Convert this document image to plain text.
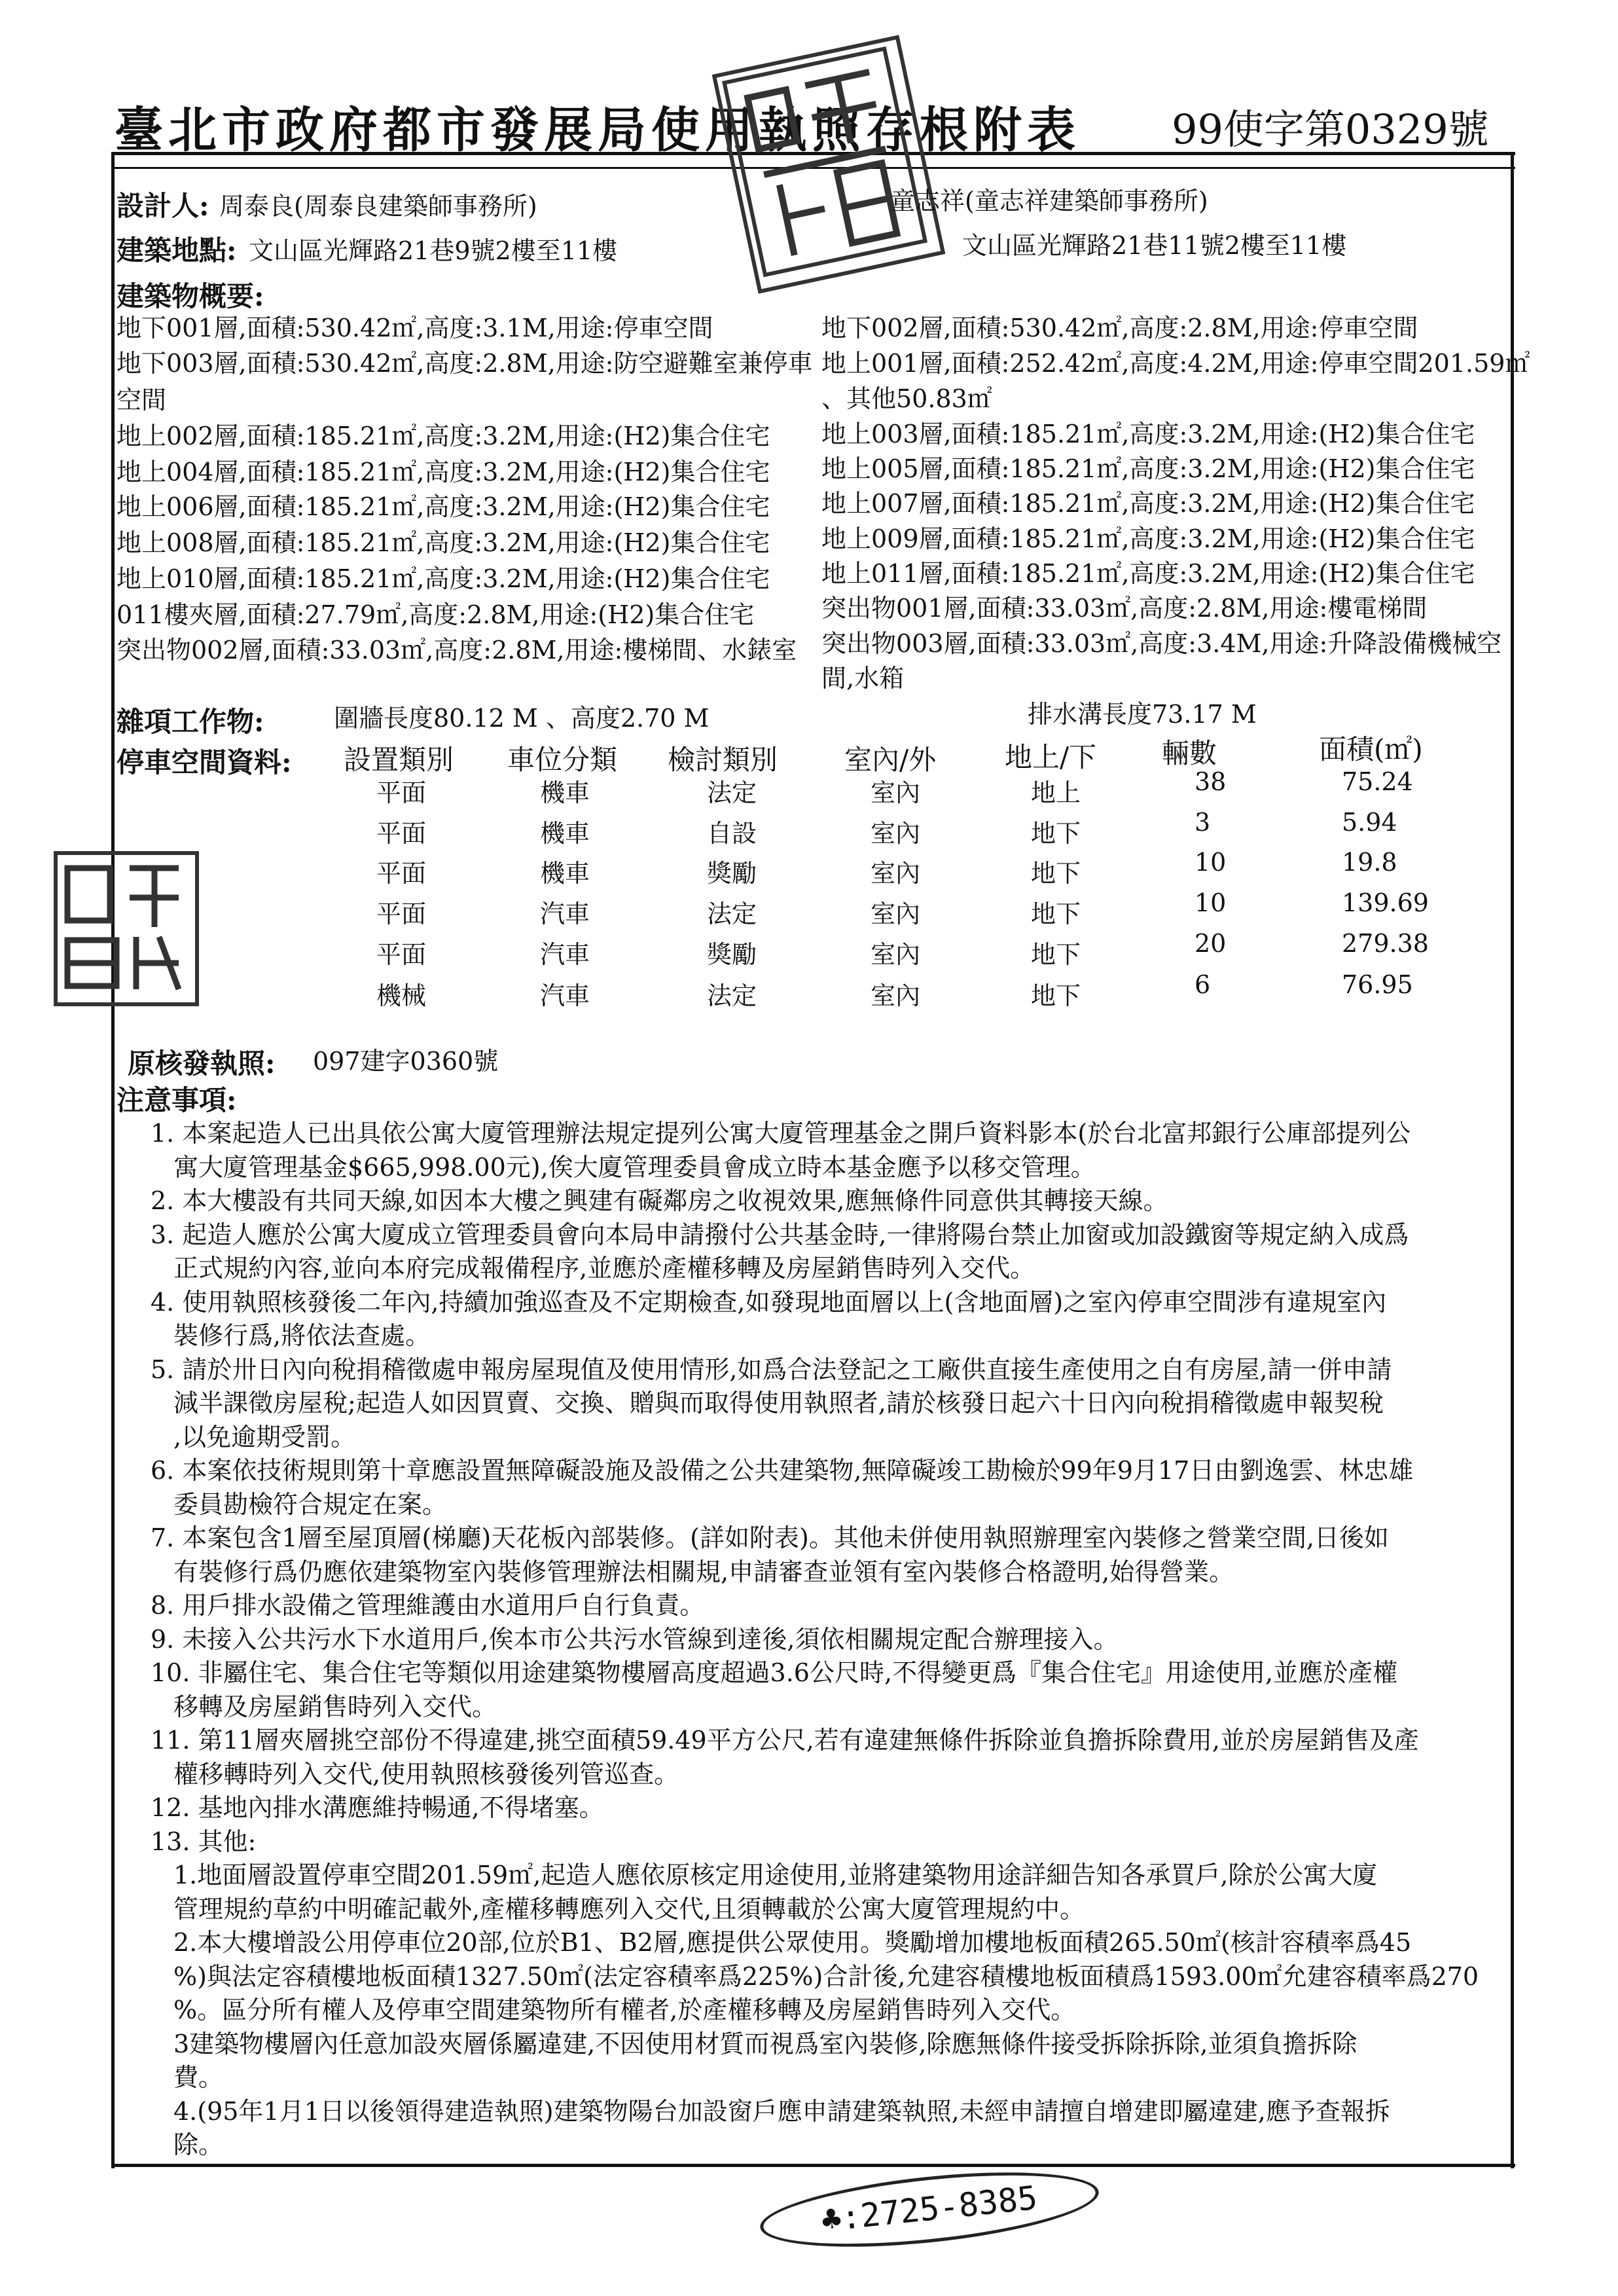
臺北市政府都市發展局使用執照存根附表 99使字第0329號
設計人: 周泰良(周泰良建築師事務所)	童志祥(童志祥建築師事務所)
建築地點: 文山區光輝路21巷9號2樓至11樓	文山區光輝路21巷11號2樓至11樓
建築物概要:
地下001層,面積:530.42㎡,高度:3.1M,用途:停車空間
地下003層,面積:530.42㎡,高度:2.8M,用途:防空避難室兼停車
空間
地上002層,面積:185.21㎡,高度:3.2M,用途:(H2)集合住宅
地上004層,面積:185.21㎡,高度:3.2M,用途:(H2)集合住宅
地上006層,面積:185.21㎡,高度:3.2M,用途:(H2)集合住宅
地上008層,面積:185.21㎡,高度:3.2M,用途:(H2)集合住宅
地上010層,面積:185.21㎡,高度:3.2M,用途:(H2)集合住宅
011樓夾層,面積:27.79㎡,高度:2.8M,用途:(H2)集合住宅
突出物002層,面積:33.03㎡,高度:2.8M,用途:樓梯間、水錶室
地下002層,面積:530.42㎡,高度:2.8M,用途:停車空間
地上001層,面積:252.42㎡,高度:4.2M,用途:停車空間201.59㎡
、其他50.83㎡
地上003層,面積:185.21㎡,高度:3.2M,用途:(H2)集合住宅
地上005層,面積:185.21㎡,高度:3.2M,用途:(H2)集合住宅
地上007層,面積:185.21㎡,高度:3.2M,用途:(H2)集合住宅
地上009層,面積:185.21㎡,高度:3.2M,用途:(H2)集合住宅
地上011層,面積:185.21㎡,高度:3.2M,用途:(H2)集合住宅
突出物001層,面積:33.03㎡,高度:2.8M,用途:樓電梯間
突出物003層,面積:33.03㎡,高度:3.4M,用途:升降設備機械空
間,水箱
雜項工作物:	圍牆長度80.12 M 、高度2.70 M	排水溝長度73.17 M
停車空間資料: 設置類別 車位分類 檢討類別 室內/外 地上/下 輛數	面積(㎡)
平面	機車	法定	室內	地上	38	75.24
平面	機車	自設	室內	地下	3	5.94
平面	機車	獎勵	室內	地下	10	19.8
平面	汽車	法定	室內	地下	10	139.69
平面	汽車	獎勵	室內	地下	20	279.38
機械	汽車	法定	室內	地下	6	76.95
原核發執照: 097建字0360號
注意事項:
1. 本案起造人已出具依公寓大廈管理辦法規定提列公寓大廈管理基金之開戶資料影本(於台北富邦銀行公庫部提列公
寓大廈管理基金$665,998.00元),俟大廈管理委員會成立時本基金應予以移交管理。
2. 本大樓設有共同天線,如因本大樓之興建有礙鄰房之收視效果,應無條件同意供其轉接天線。
3. 起造人應於公寓大廈成立管理委員會向本局申請撥付公共基金時,一律將陽台禁止加窗或加設鐵窗等規定納入成爲
正式規約內容,並向本府完成報備程序,並應於產權移轉及房屋銷售時列入交代。
4. 使用執照核發後二年內,持續加強巡查及不定期檢查,如發現地面層以上(含地面層)之室內停車空間涉有違規室內
裝修行爲,將依法查處。
5. 請於卅日內向稅捐稽徵處申報房屋現值及使用情形,如爲合法登記之工廠供直接生產使用之自有房屋,請一併申請
減半課徵房屋稅;起造人如因買賣、交換、贈與而取得使用執照者,請於核發日起六十日內向稅捐稽徵處申報契稅
,以免逾期受罰。
6. 本案依技術規則第十章應設置無障礙設施及設備之公共建築物,無障礙竣工勘檢於99年9月17日由劉逸雲、林忠雄
委員勘檢符合規定在案。
7. 本案包含1層至屋頂層(梯廳)天花板內部裝修。(詳如附表)。其他未併使用執照辦理室內裝修之營業空間,日後如
有裝修行爲仍應依建築物室內裝修管理辦法相關規,申請審查並領有室內裝修合格證明,始得營業。
8. 用戶排水設備之管理維護由水道用戶自行負責。
9. 未接入公共污水下水道用戶,俟本市公共污水管線到達後,須依相關規定配合辦理接入。
10. 非屬住宅、集合住宅等類似用途建築物樓層高度超過3.6公尺時,不得變更爲『集合住宅』用途使用,並應於產權
移轉及房屋銷售時列入交代。
11. 第11層夾層挑空部份不得違建,挑空面積59.49平方公尺,若有違建無條件拆除並負擔拆除費用,並於房屋銷售及產
權移轉時列入交代,使用執照核發後列管巡查。
12. 基地內排水溝應維持暢通,不得堵塞。
13. 其他:
1.地面層設置停車空間201.59㎡,起造人應依原核定用途使用,並將建築物用途詳細告知各承買戶,除於公寓大廈
管理規約草約中明確記載外,產權移轉應列入交代,且須轉載於公寓大廈管理規約中。
2.本大樓增設公用停車位20部,位於B1、B2層,應提供公眾使用。獎勵增加樓地板面積265.50㎡(核計容積率爲45
%)與法定容積樓地板面積1327.50㎡(法定容積率爲225%)合計後,允建容積樓地板面積爲1593.00㎡允建容積率爲270
%。區分所有權人及停車空間建築物所有權者,於產權移轉及房屋銷售時列入交代。
3建築物樓層內任意加設夾層係屬違建,不因使用材質而視爲室內裝修,除應無條件接受拆除拆除,並須負擔拆除
費。
4.(95年1月1日以後領得建造執照)建築物陽台加設窗戶應申請建築執照,未經申請擅自增建即屬違建,應予查報拆
除。
♣:2725-8385
